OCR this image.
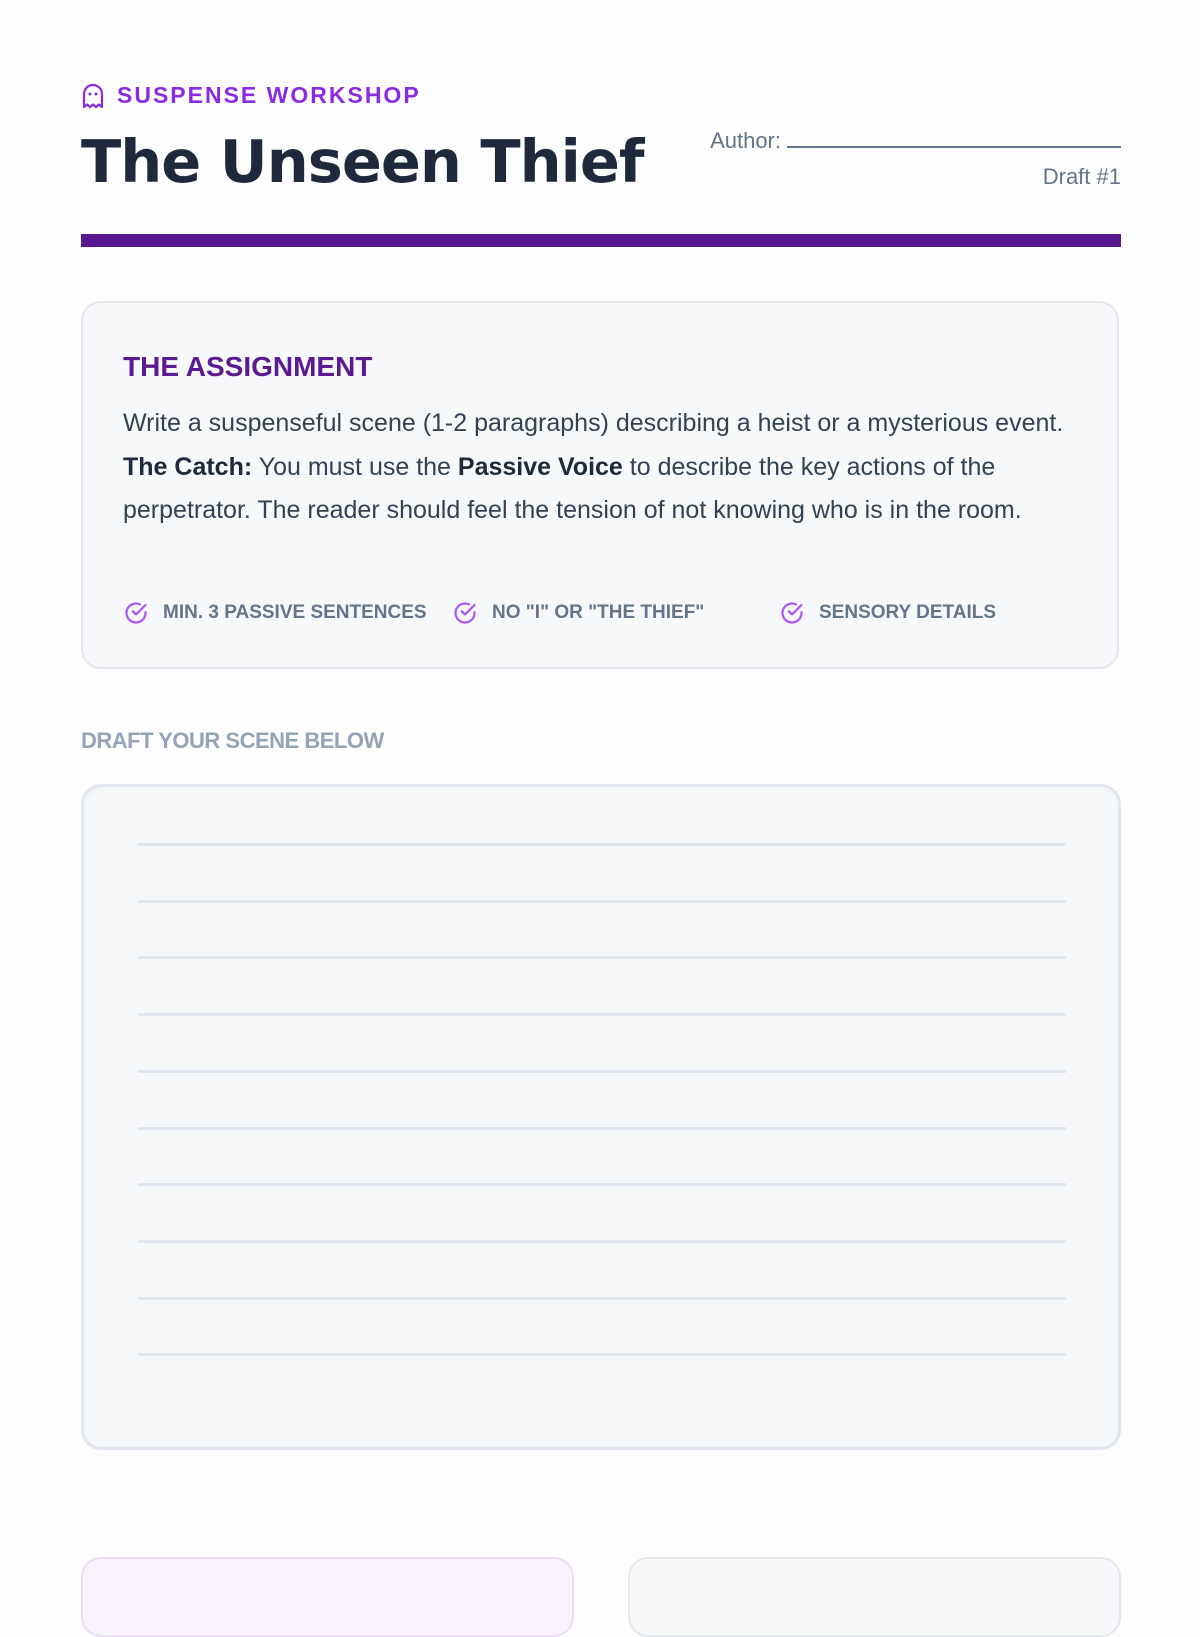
SUSPENSE WORKSHOP
The Unseen Thief	Author:
Draft #1
THE ASSIGNMENT

Write a suspenseful scene (1-2 paragraphs) describing a heist or a mysterious event. The Catch: You must use the Passive Voice to describe the key actions of the perpetrator. The reader should feel the tension of not knowing who is in the room.

MIN. 3 PASSIVE SENTENCES	NO "I" OR "THE THIEF"	SENSORY DETAILS
DRAFT YOUR SCENE BELOW
